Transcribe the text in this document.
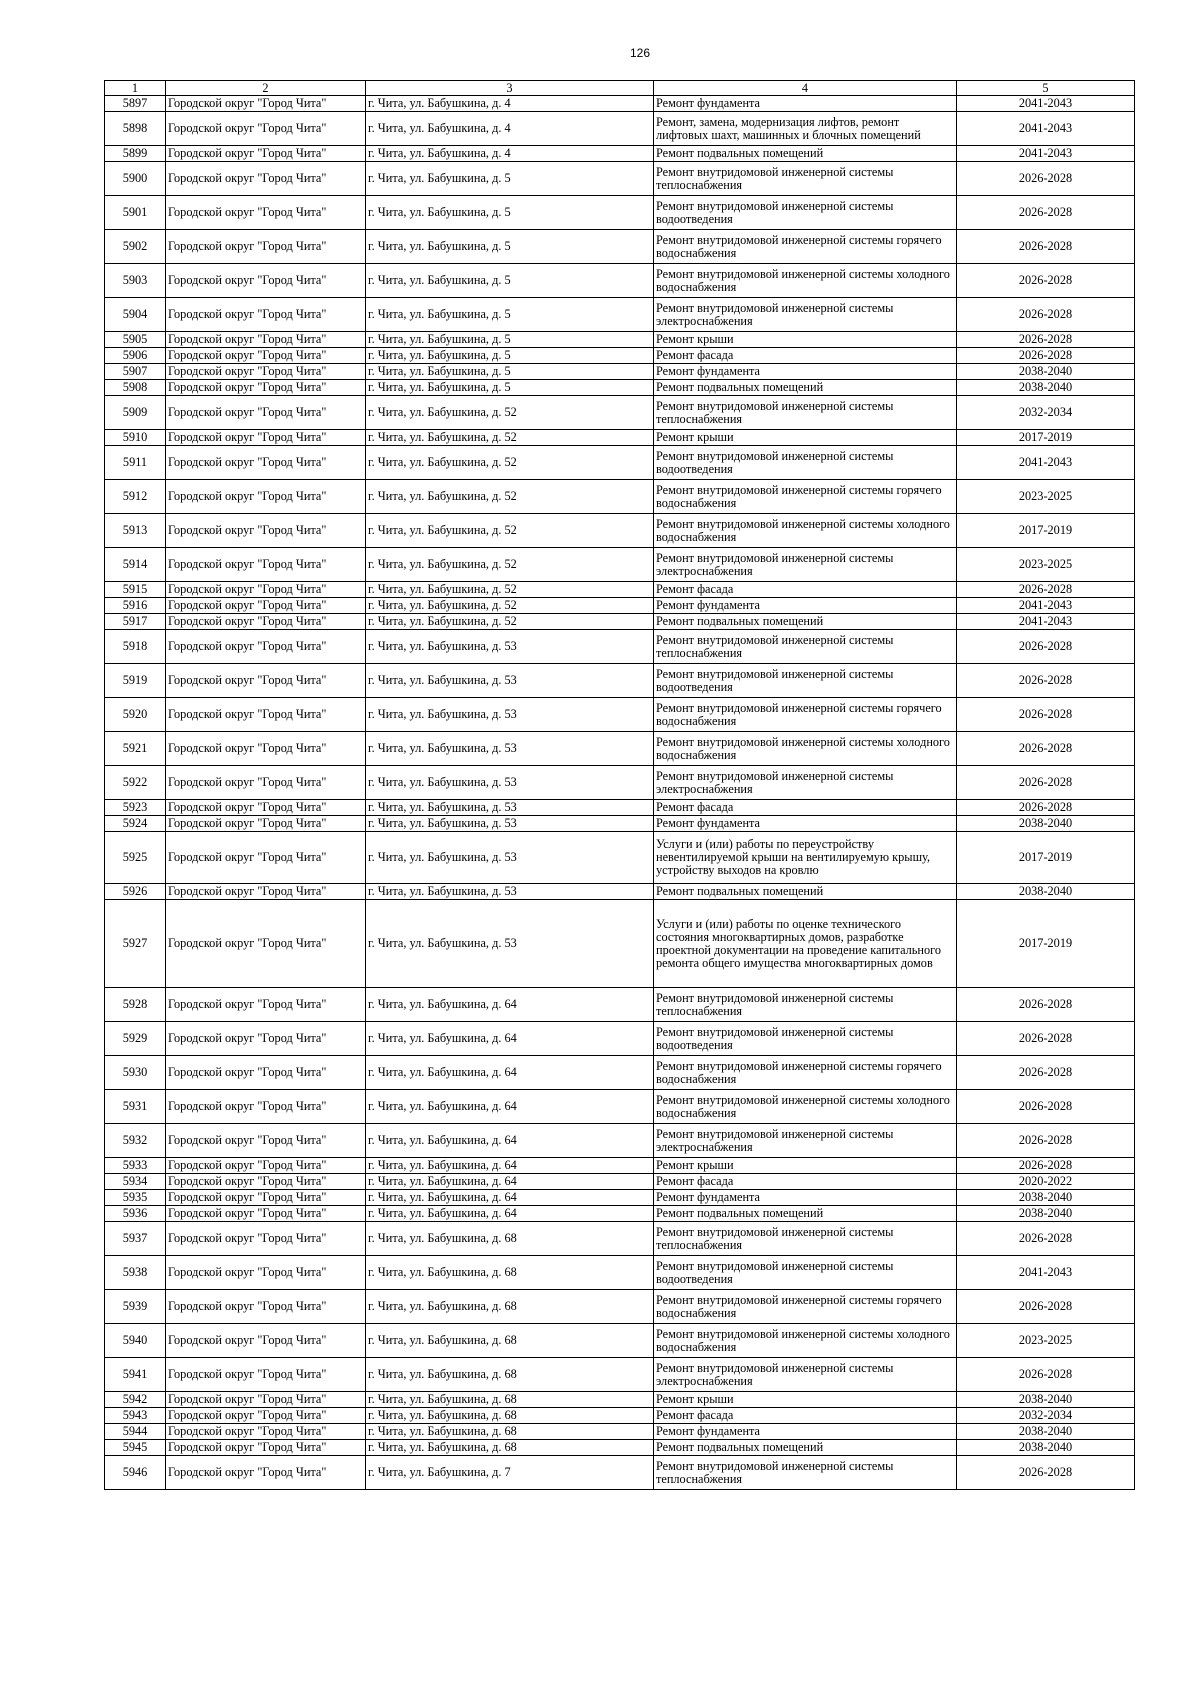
126
1	2	3	4	5
5897	Городской округ "Город Чита"	г. Чита, ул. Бабушкина, д. 4	Ремонт фундамента	2041-2043
5898	Городской округ "Город Чита"	г. Чита, ул. Бабушкина, д. 4	Ремонт, замена, модернизация лифтов, ремонт лифтовых шахт, машинных и блочных помещений	2041-2043
5899	Городской округ "Город Чита"	г. Чита, ул. Бабушкина, д. 4	Ремонт подвальных помещений	2041-2043
5900	Городской округ "Город Чита"	г. Чита, ул. Бабушкина, д. 5	Ремонт внутридомовой инженерной системы теплоснабжения	2026-2028
5901	Городской округ "Город Чита"	г. Чита, ул. Бабушкина, д. 5	Ремонт внутридомовой инженерной системы водоотведения	2026-2028
5902	Городской округ "Город Чита"	г. Чита, ул. Бабушкина, д. 5	Ремонт внутридомовой инженерной системы горячего водоснабжения	2026-2028
5903	Городской округ "Город Чита"	г. Чита, ул. Бабушкина, д. 5	Ремонт внутридомовой инженерной системы холодного водоснабжения	2026-2028
5904	Городской округ "Город Чита"	г. Чита, ул. Бабушкина, д. 5	Ремонт внутридомовой инженерной системы электроснабжения	2026-2028
5905	Городской округ "Город Чита"	г. Чита, ул. Бабушкина, д. 5	Ремонт крыши	2026-2028
5906	Городской округ "Город Чита"	г. Чита, ул. Бабушкина, д. 5	Ремонт фасада	2026-2028
5907	Городской округ "Город Чита"	г. Чита, ул. Бабушкина, д. 5	Ремонт фундамента	2038-2040
5908	Городской округ "Город Чита"	г. Чита, ул. Бабушкина, д. 5	Ремонт подвальных помещений	2038-2040
5909	Городской округ "Город Чита"	г. Чита, ул. Бабушкина, д. 52	Ремонт внутридомовой инженерной системы теплоснабжения	2032-2034
5910	Городской округ "Город Чита"	г. Чита, ул. Бабушкина, д. 52	Ремонт крыши	2017-2019
5911	Городской округ "Город Чита"	г. Чита, ул. Бабушкина, д. 52	Ремонт внутридомовой инженерной системы водоотведения	2041-2043
5912	Городской округ "Город Чита"	г. Чита, ул. Бабушкина, д. 52	Ремонт внутридомовой инженерной системы горячего водоснабжения	2023-2025
5913	Городской округ "Город Чита"	г. Чита, ул. Бабушкина, д. 52	Ремонт внутридомовой инженерной системы холодного водоснабжения	2017-2019
5914	Городской округ "Город Чита"	г. Чита, ул. Бабушкина, д. 52	Ремонт внутридомовой инженерной системы электроснабжения	2023-2025
5915	Городской округ "Город Чита"	г. Чита, ул. Бабушкина, д. 52	Ремонт фасада	2026-2028
5916	Городской округ "Город Чита"	г. Чита, ул. Бабушкина, д. 52	Ремонт фундамента	2041-2043
5917	Городской округ "Город Чита"	г. Чита, ул. Бабушкина, д. 52	Ремонт подвальных помещений	2041-2043
5918	Городской округ "Город Чита"	г. Чита, ул. Бабушкина, д. 53	Ремонт внутридомовой инженерной системы теплоснабжения	2026-2028
5919	Городской округ "Город Чита"	г. Чита, ул. Бабушкина, д. 53	Ремонт внутридомовой инженерной системы водоотведения	2026-2028
5920	Городской округ "Город Чита"	г. Чита, ул. Бабушкина, д. 53	Ремонт внутридомовой инженерной системы горячего водоснабжения	2026-2028
5921	Городской округ "Город Чита"	г. Чита, ул. Бабушкина, д. 53	Ремонт внутридомовой инженерной системы холодного водоснабжения	2026-2028
5922	Городской округ "Город Чита"	г. Чита, ул. Бабушкина, д. 53	Ремонт внутридомовой инженерной системы электроснабжения	2026-2028
5923	Городской округ "Город Чита"	г. Чита, ул. Бабушкина, д. 53	Ремонт фасада	2026-2028
5924	Городской округ "Город Чита"	г. Чита, ул. Бабушкина, д. 53	Ремонт фундамента	2038-2040
5925	Городской округ "Город Чита"	г. Чита, ул. Бабушкина, д. 53	Услуги и (или) работы по переустройству невентилируемой крыши на вентилируемую крышу, устройству выходов на кровлю	2017-2019
5926	Городской округ "Город Чита"	г. Чита, ул. Бабушкина, д. 53	Ремонт подвальных помещений	2038-2040
5927	Городской округ "Город Чита"	г. Чита, ул. Бабушкина, д. 53	Услуги и (или) работы по оценке технического состояния многоквартирных домов, разработке проектной документации на проведение капитального ремонта общего имущества многоквартирных домов	2017-2019
5928	Городской округ "Город Чита"	г. Чита, ул. Бабушкина, д. 64	Ремонт внутридомовой инженерной системы теплоснабжения	2026-2028
5929	Городской округ "Город Чита"	г. Чита, ул. Бабушкина, д. 64	Ремонт внутридомовой инженерной системы водоотведения	2026-2028
5930	Городской округ "Город Чита"	г. Чита, ул. Бабушкина, д. 64	Ремонт внутридомовой инженерной системы горячего водоснабжения	2026-2028
5931	Городской округ "Город Чита"	г. Чита, ул. Бабушкина, д. 64	Ремонт внутридомовой инженерной системы холодного водоснабжения	2026-2028
5932	Городской округ "Город Чита"	г. Чита, ул. Бабушкина, д. 64	Ремонт внутридомовой инженерной системы электроснабжения	2026-2028
5933	Городской округ "Город Чита"	г. Чита, ул. Бабушкина, д. 64	Ремонт крыши	2026-2028
5934	Городской округ "Город Чита"	г. Чита, ул. Бабушкина, д. 64	Ремонт фасада	2020-2022
5935	Городской округ "Город Чита"	г. Чита, ул. Бабушкина, д. 64	Ремонт фундамента	2038-2040
5936	Городской округ "Город Чита"	г. Чита, ул. Бабушкина, д. 64	Ремонт подвальных помещений	2038-2040
5937	Городской округ "Город Чита"	г. Чита, ул. Бабушкина, д. 68	Ремонт внутридомовой инженерной системы теплоснабжения	2026-2028
5938	Городской округ "Город Чита"	г. Чита, ул. Бабушкина, д. 68	Ремонт внутридомовой инженерной системы водоотведения	2041-2043
5939	Городской округ "Город Чита"	г. Чита, ул. Бабушкина, д. 68	Ремонт внутридомовой инженерной системы горячего водоснабжения	2026-2028
5940	Городской округ "Город Чита"	г. Чита, ул. Бабушкина, д. 68	Ремонт внутридомовой инженерной системы холодного водоснабжения	2023-2025
5941	Городской округ "Город Чита"	г. Чита, ул. Бабушкина, д. 68	Ремонт внутридомовой инженерной системы электроснабжения	2026-2028
5942	Городской округ "Город Чита"	г. Чита, ул. Бабушкина, д. 68	Ремонт крыши	2038-2040
5943	Городской округ "Город Чита"	г. Чита, ул. Бабушкина, д. 68	Ремонт фасада	2032-2034
5944	Городской округ "Город Чита"	г. Чита, ул. Бабушкина, д. 68	Ремонт фундамента	2038-2040
5945	Городской округ "Город Чита"	г. Чита, ул. Бабушкина, д. 68	Ремонт подвальных помещений	2038-2040
5946	Городской округ "Город Чита"	г. Чита, ул. Бабушкина, д. 7	Ремонт внутридомовой инженерной системы теплоснабжения	2026-2028
